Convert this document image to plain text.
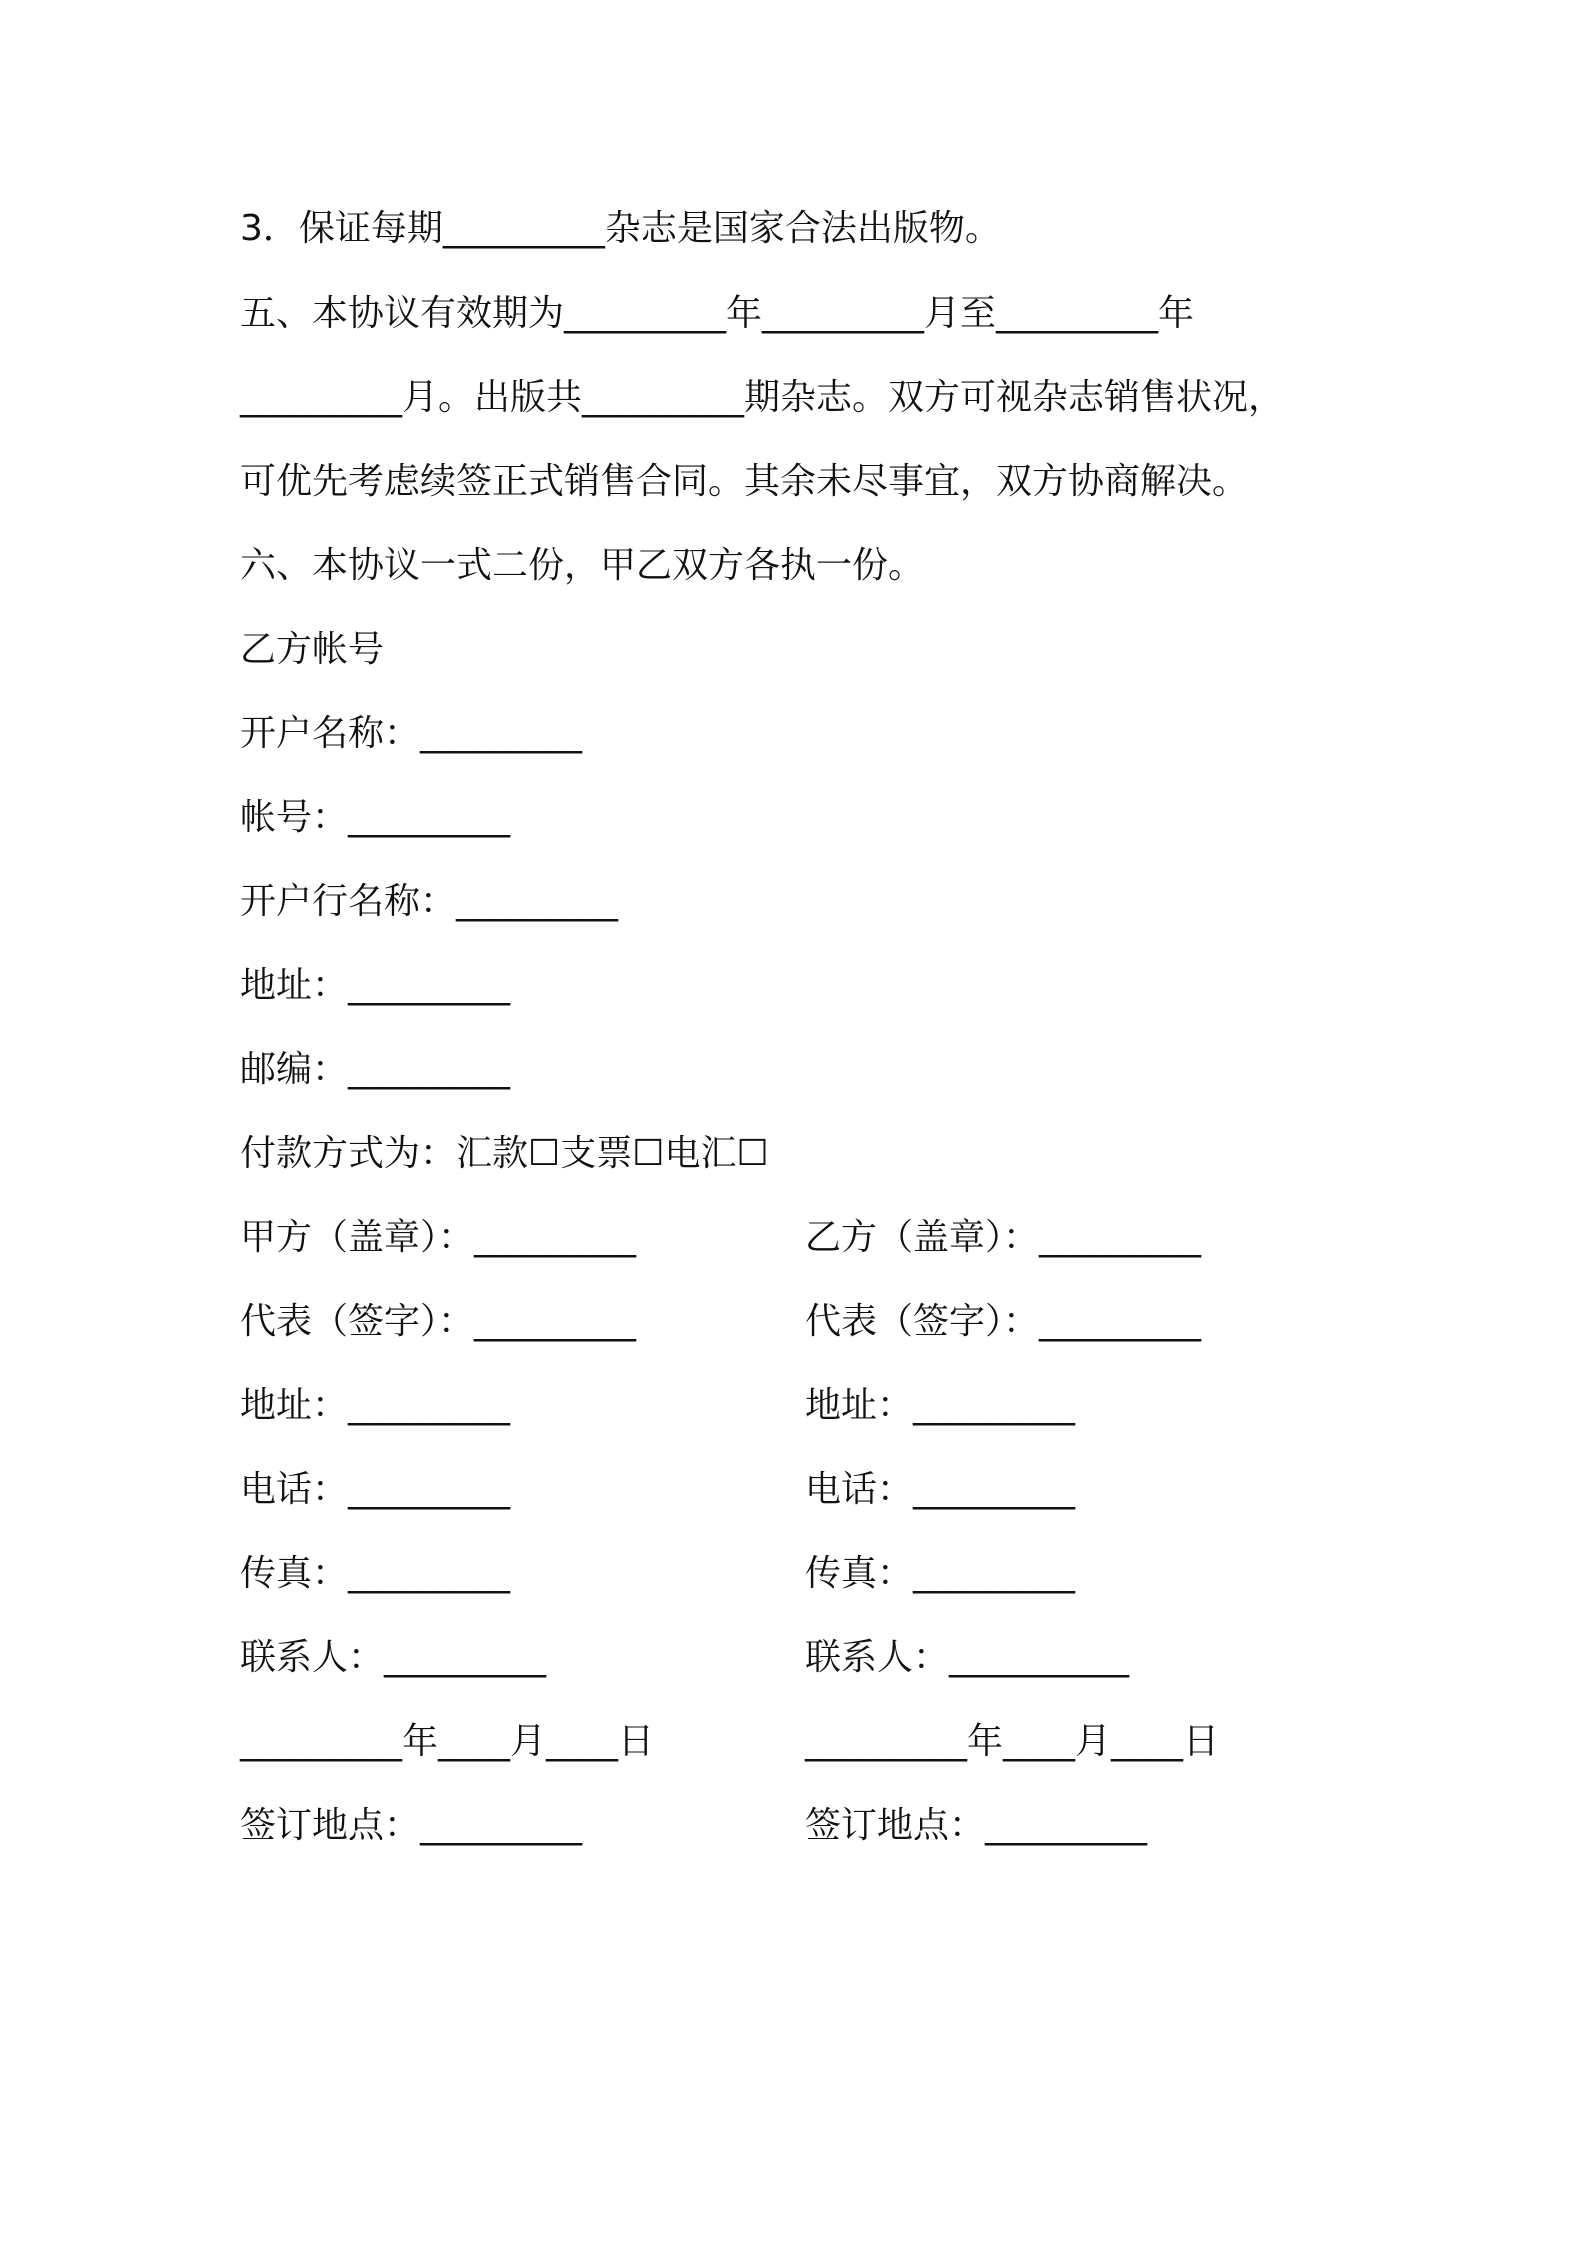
3．保证每期_________杂志是国家合法出版物。
五、本协议有效期为_________年_________月至_________年
_________月。出版共_________期杂志。双方可视杂志销售状况，
可优先考虑续签正式销售合同。其余未尽事宜，双方协商解决。
六、本协议一式二份，甲乙双方各执一份。
乙方帐号
开户名称：_________
帐号：_________
开户行名称：_________
地址：_________
邮编：_________
付款方式为：汇款☐支票☐电汇☐
甲方（盖章）：_________
代表（签字）：_________
地址：_________
电话：_________
传真：_________
联系人：_________
_________年____月____日
签订地点：_________
乙方（盖章）：_________
代表（签字）：_________
地址：_________
电话：_________
传真：_________
联系人：__________
_________年____月____日
签订地点：_________
